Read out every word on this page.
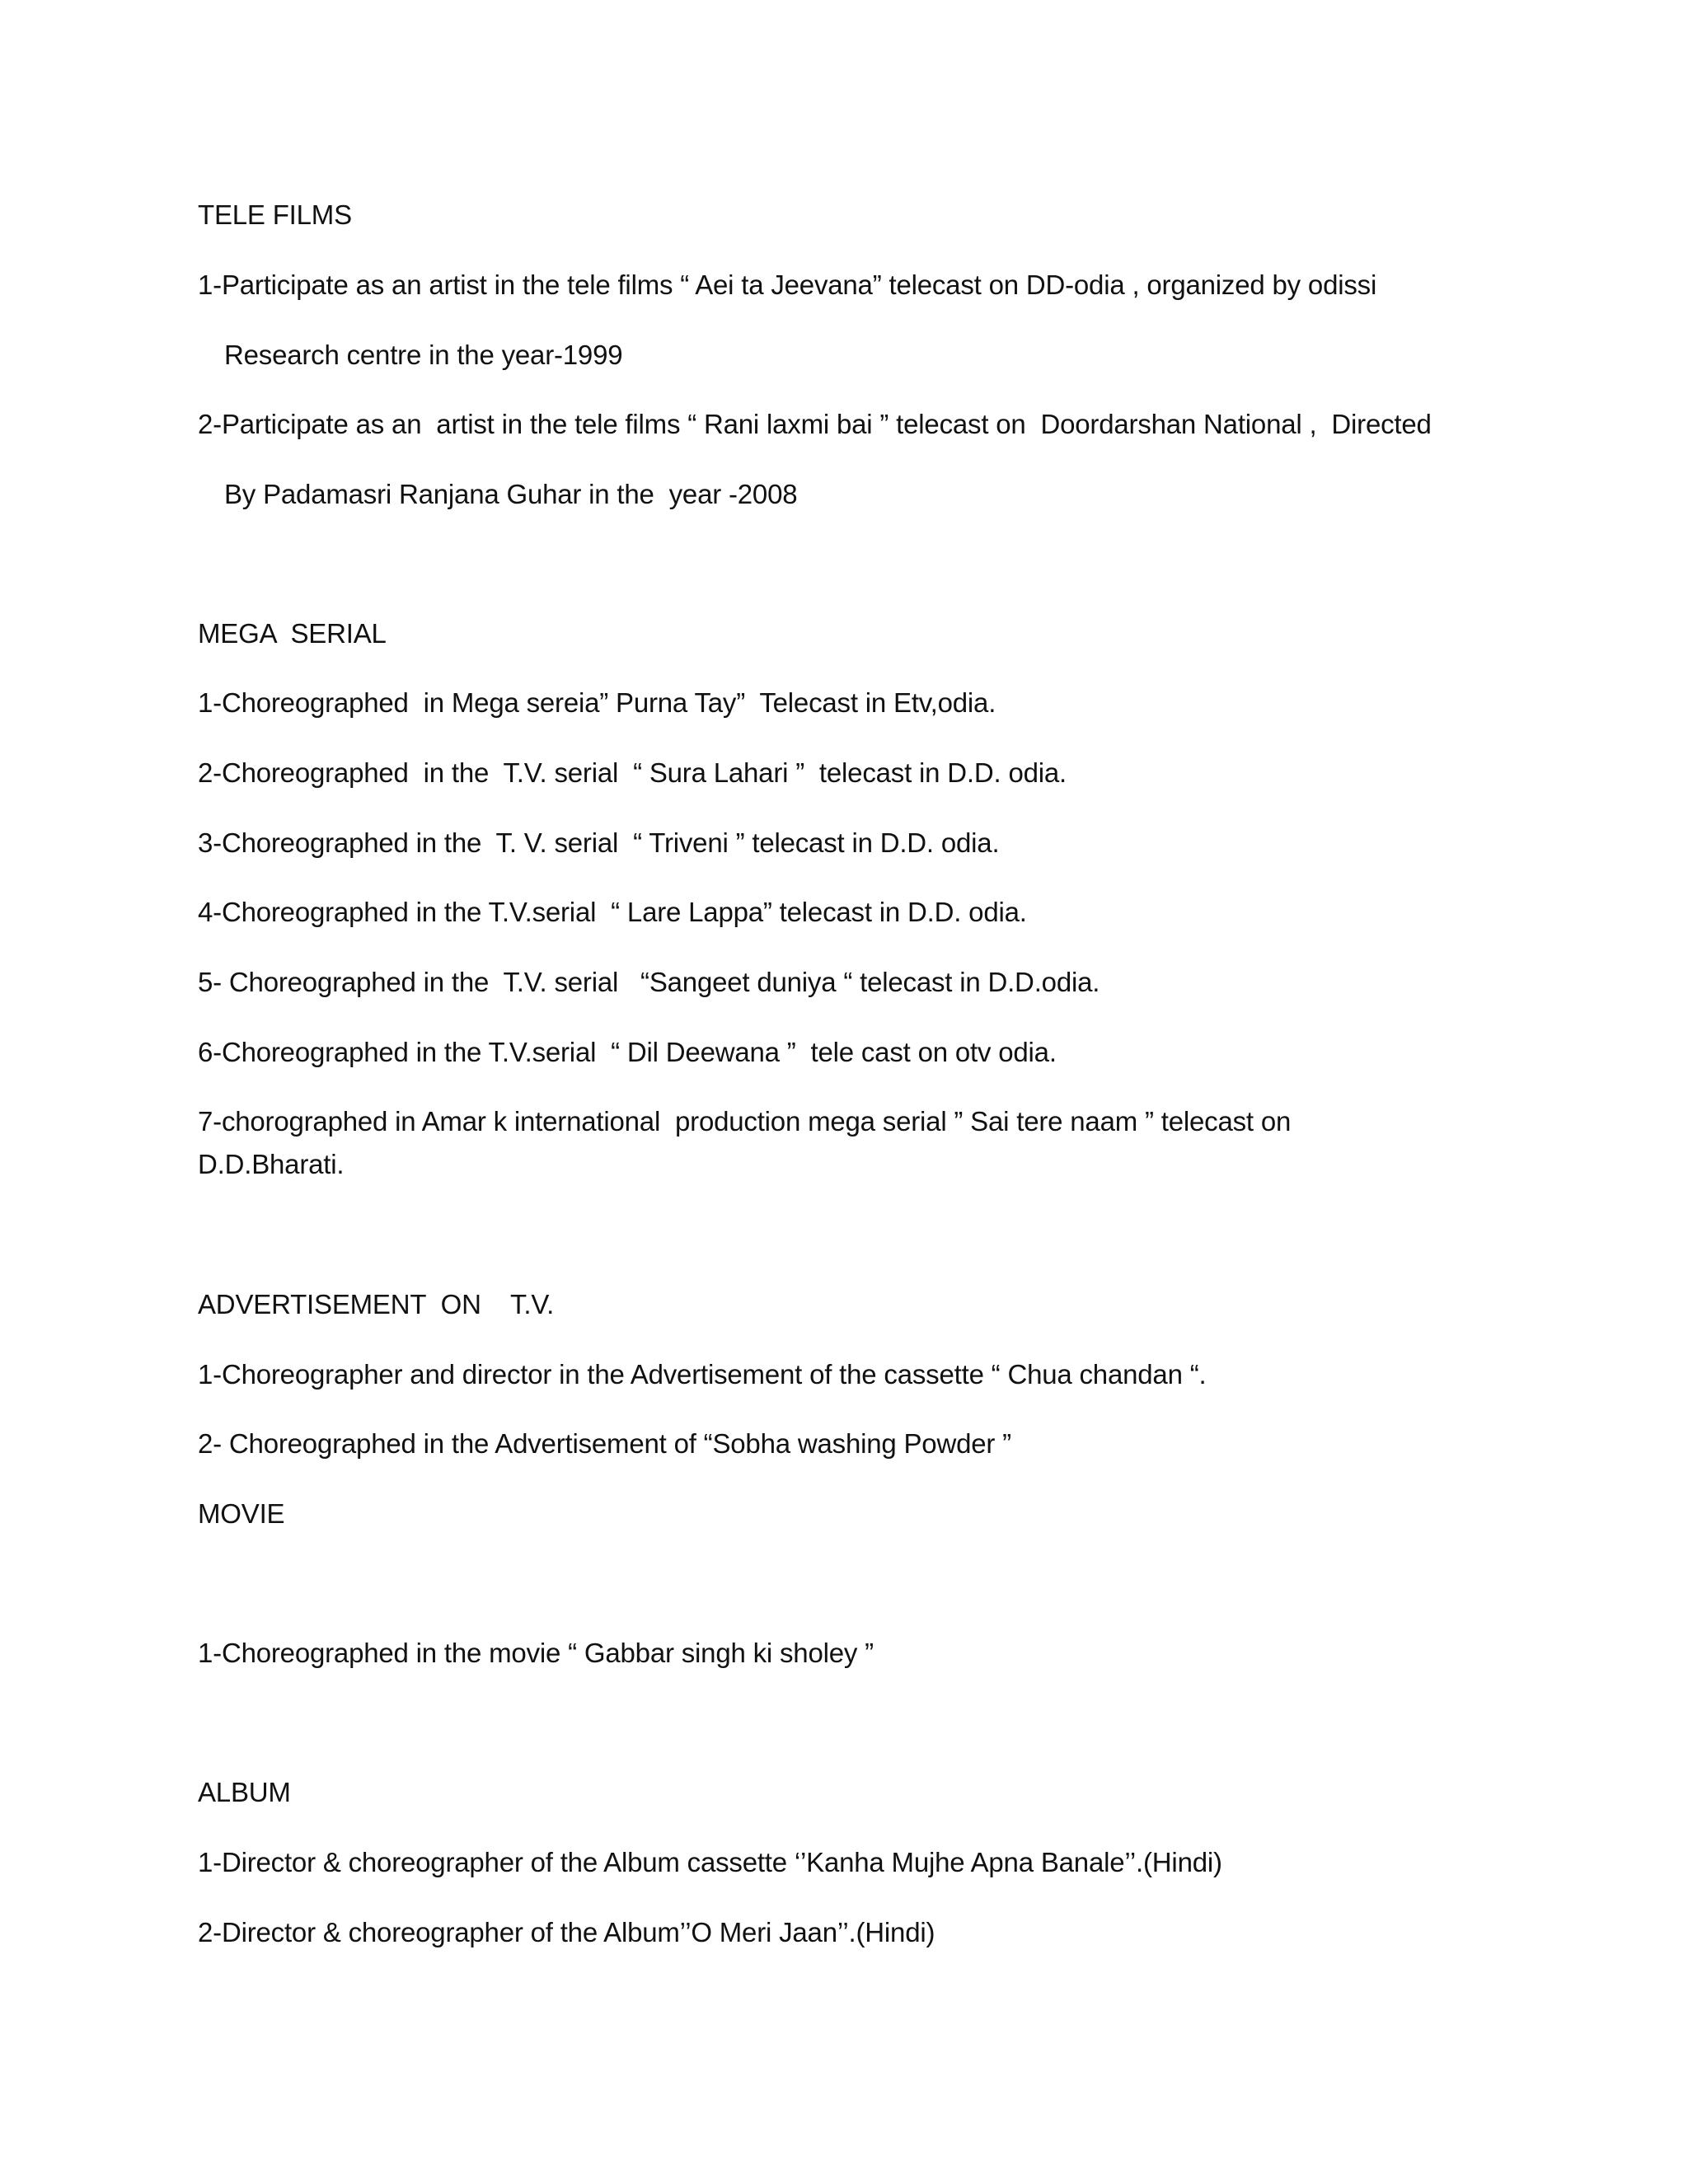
TELE FILMS
1-Participate as an artist in the tele films “ Aei ta Jeevana” telecast on DD-odia , organized by odissi
Research centre in the year-1999
2-Participate as an  artist in the tele films “ Rani laxmi bai ” telecast on  Doordarshan National ,  Directed
By Padamasri Ranjana Guhar in the  year -2008
MEGA  SERIAL
1-Choreographed  in Mega sereia” Purna Tay”  Telecast in Etv,odia.
2-Choreographed  in the  T.V. serial  “ Sura Lahari ”  telecast in D.D. odia.
3-Choreographed in the  T. V. serial  “ Triveni ” telecast in D.D. odia.
4-Choreographed in the T.V.serial  “ Lare Lappa” telecast in D.D. odia.
5- Choreographed in the  T.V. serial   “Sangeet duniya “ telecast in D.D.odia.
6-Choreographed in the T.V.serial  “ Dil Deewana ”  tele cast on otv odia.
7-chorographed in Amar k international  production mega serial ” Sai tere naam ” telecast on
D.D.Bharati.
ADVERTISEMENT  ON    T.V.
1-Choreographer and director in the Advertisement of the cassette “ Chua chandan “.
2- Choreographed in the Advertisement of “Sobha washing Powder ”
MOVIE
1-Choreographed in the movie “ Gabbar singh ki sholey ”
ALBUM
1-Director & choreographer of the Album cassette ‘’Kanha Mujhe Apna Banale’’.(Hindi)
2-Director & choreographer of the Album’’O Meri Jaan’’.(Hindi)
